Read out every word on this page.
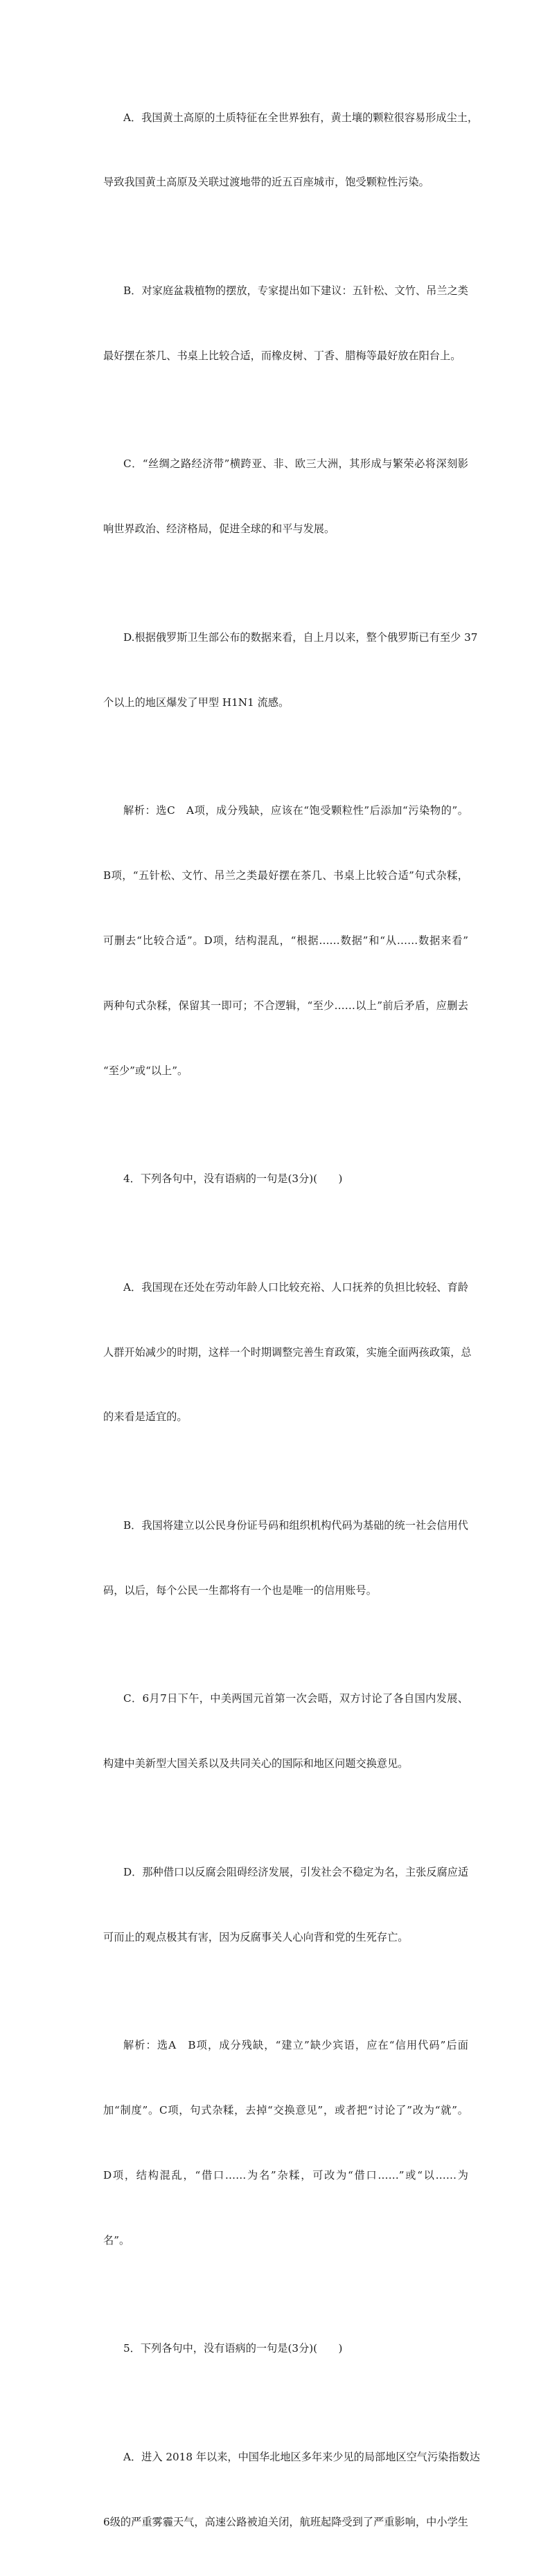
A．我国黄土高原的土质特征在全世界独有，黄土壤的颗粒很容易形成尘土，

导致我国黄土高原及关联过渡地带的近五百座城市，饱受颗粒性污染。

B．对家庭盆栽植物的摆放，专家提出如下建议：五针松、文竹、吊兰之类

最好摆在茶几、书桌上比较合适，而橡皮树、丁香、腊梅等最好放在阳台上。

C．“丝绸之路经济带”横跨亚、非、欧三大洲，其形成与繁荣必将深刻影

响世界政治、经济格局，促进全球的和平与发展。

D.根据俄罗斯卫生部公布的数据来看，自上月以来，整个俄罗斯已有至少 37

个以上的地区爆发了甲型 H1N1 流感。

解析：选C　A项，成分残缺，应该在“饱受颗粒性”后添加“污染物的”。

B项，“五针松、文竹、吊兰之类最好摆在茶几、书桌上比较合适”句式杂糅，

可删去“比较合适”。D项，结构混乱，“根据……数据”和“从……数据来看”

两种句式杂糅，保留其一即可；不合逻辑，“至少……以上”前后矛盾，应删去

“至少”或“以上”。

4．下列各句中，没有语病的一句是(3分)(　　)

A．我国现在还处在劳动年龄人口比较充裕、人口抚养的负担比较轻、育龄

人群开始减少的时期，这样一个时期调整完善生育政策，实施全面两孩政策，总

的来看是适宜的。

B．我国将建立以公民身份证号码和组织机构代码为基础的统一社会信用代

码，以后，每个公民一生都将有一个也是唯一的信用账号。

C．6月7日下午，中美两国元首第一次会晤，双方讨论了各自国内发展、

构建中美新型大国关系以及共同关心的国际和地区问题交换意见。

D．那种借口以反腐会阻碍经济发展，引发社会不稳定为名，主张反腐应适

可而止的观点极其有害，因为反腐事关人心向背和党的生死存亡。

解析：选A　B项，成分残缺，“建立”缺少宾语，应在“信用代码”后面

加“制度”。C项，句式杂糅，去掉“交换意见”，或者把“讨论了”改为“就”。

D项，结构混乱，“借口……为名”杂糅，可改为“借口……”或“以……为

名”。

5．下列各句中，没有语病的一句是(3分)(　　)

A．进入 2018 年以来，中国华北地区多年来少见的局部地区空气污染指数达

6级的严重雾霾天气，高速公路被迫关闭，航班起降受到了严重影响，中小学生
